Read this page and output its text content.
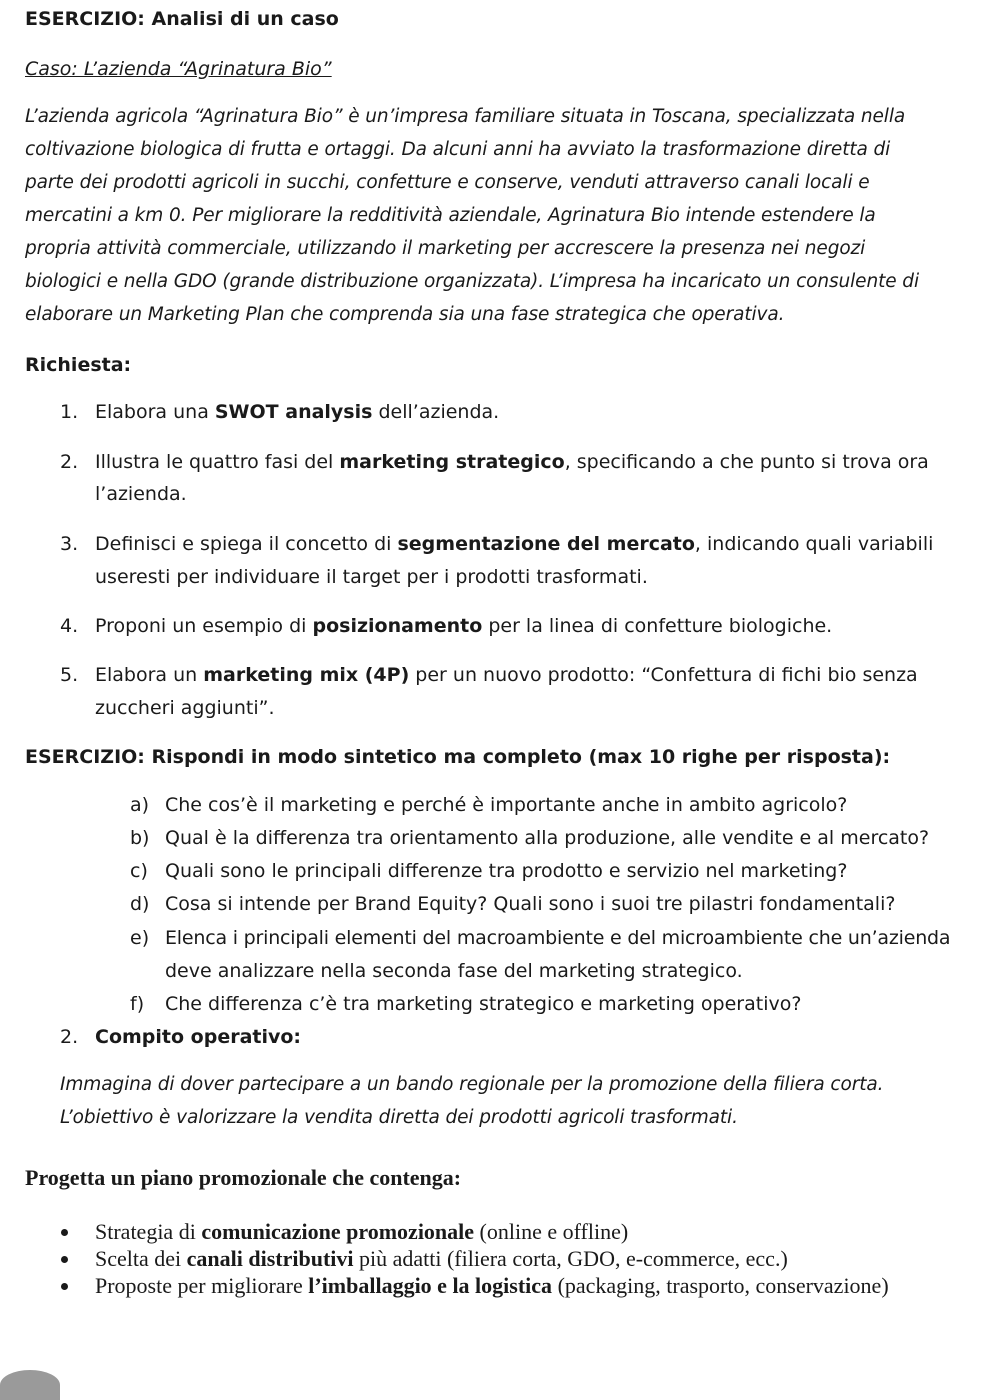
ESERCIZIO: Analisi di un caso
Caso: L’azienda “Agrinatura Bio”
L’azienda agricola “Agrinatura Bio” è un’impresa familiare situata in Toscana, specializzata nella
coltivazione biologica di frutta e ortaggi. Da alcuni anni ha avviato la trasformazione diretta di
parte dei prodotti agricoli in succhi, confetture e conserve, venduti attraverso canali locali e
mercatini a km 0. Per migliorare la redditività aziendale, Agrinatura Bio intende estendere la
propria attività commerciale, utilizzando il marketing per accrescere la presenza nei negozi
biologici e nella GDO (grande distribuzione organizzata). L’impresa ha incaricato un consulente di
elaborare un Marketing Plan che comprenda sia una fase strategica che operativa.
Richiesta:
1. Elabora una SWOT analysis dell’azienda.
2. Illustra le quattro fasi del marketing strategico, specificando a che punto si trova ora
l’azienda.
3. Definisci e spiega il concetto di segmentazione del mercato, indicando quali variabili
useresti per individuare il target per i prodotti trasformati.
4. Proponi un esempio di posizionamento per la linea di confetture biologiche.
5. Elabora un marketing mix (4P) per un nuovo prodotto: “Confettura di fichi bio senza
zuccheri aggiunti”.
ESERCIZIO: Rispondi in modo sintetico ma completo (max 10 righe per risposta):
a) Che cos’è il marketing e perché è importante anche in ambito agricolo?
b) Qual è la differenza tra orientamento alla produzione, alle vendite e al mercato?
c) Quali sono le principali differenze tra prodotto e servizio nel marketing?
d) Cosa si intende per Brand Equity? Quali sono i suoi tre pilastri fondamentali?
e) Elenca i principali elementi del macroambiente e del microambiente che un’azienda
deve analizzare nella seconda fase del marketing strategico.
f) Che differenza c’è tra marketing strategico e marketing operativo?
2. Compito operativo:
Immagina di dover partecipare a un bando regionale per la promozione della filiera corta.
L’obiettivo è valorizzare la vendita diretta dei prodotti agricoli trasformati.
Progetta un piano promozionale che contenga:
Strategia di comunicazione promozionale (online e offline)
Scelta dei canali distributivi più adatti (filiera corta, GDO, e-commerce, ecc.)
Proposte per migliorare l’imballaggio e la logistica (packaging, trasporto, conservazione)
